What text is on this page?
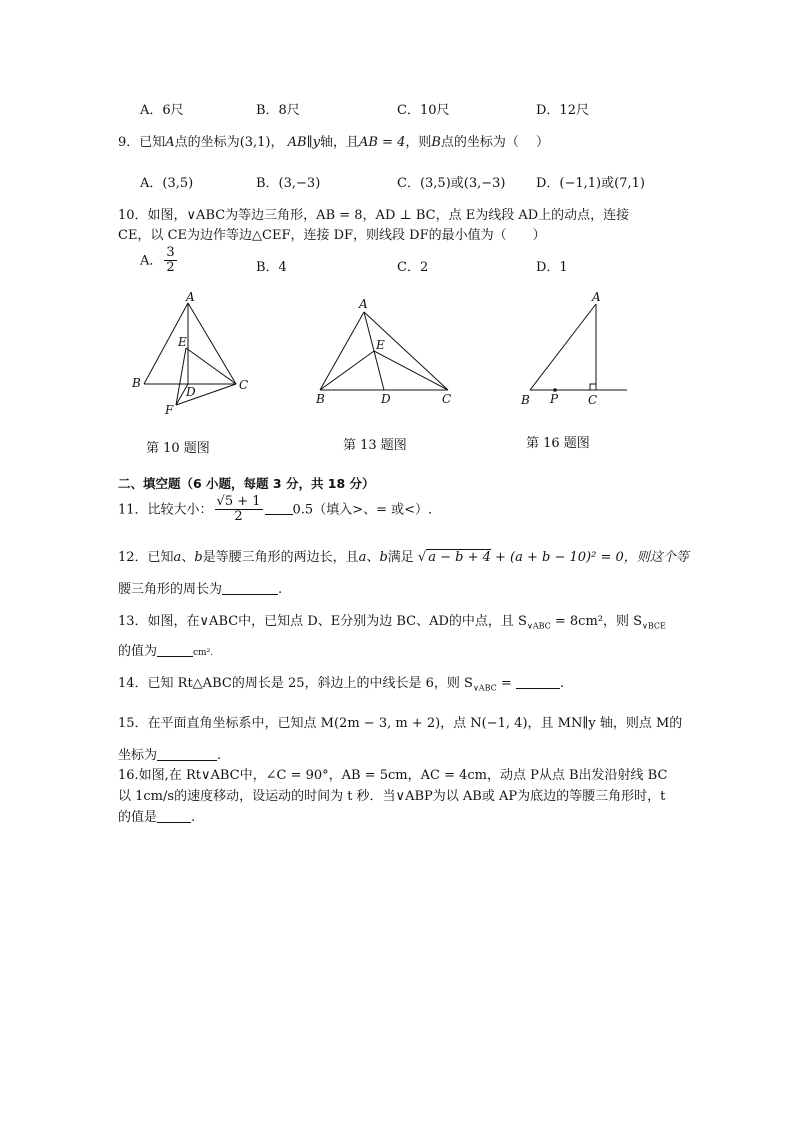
A．6尺	B．8尺	C．10尺	D．12尺
9．已知A点的坐标为(3,1)， AB∥y轴，且AB = 4，则B点的坐标为（　 ）
A．(3,5)	B．(3,−3)	C．(3,5)或(3,−3) D．(−1,1)或(7,1)
10．如图，∨ABC为等边三角形，AB = 8，AD ⊥ BC，点 E为线段 AD上的动点，连接
CE，以 CE为边作等边△CEF，连接 DF，则线段 DF的最小值为（　　）
A． $\frac{3}{2}$	B．4	C．2	D．1
A
E
B
D	C
F
第 10 题图
A
E
B	D	C
第 13 题图
A
B P C
第 16 题图
二、填空题（6 小题，每题 3 分，共 18 分）
11．比较大小： $\frac{√5 + 1}{2} 0.5$（填入>、= 或<）.
12．已知a、b是等腰三角形的两边长，且a、b满足 √ a − b + 4 + (a + b − 10)² = 0，则这个等
腰三角形的周长为	.
13．如图，在∨ABC中，已知点 D、E分别为边 BC、AD的中点，且 $S_{\vee ABC} = 8cm^2$，则 $S_{\vee BCE}$
的值为	cm².
14．已知 Rt△ABC的周长是 25，斜边上的中线长是 6，则 $S_{\vee ABC}$ =	.
15．在平面直角坐标系中，已知点 M(2m − 3, m + 2)，点 N(−1, 4)，且 MN∥y 轴，则点 M的
坐标为	.
16.如图,在 Rt∨ABC中，∠C = 90°，AB = 5cm，AC = 4cm，动点 P从点 B出发沿射线 BC
以 1cm/s的速度移动，设运动的时间为 t 秒．当∨ABP为以 AB或 AP为底边的等腰三角形时，t
的值是	.
